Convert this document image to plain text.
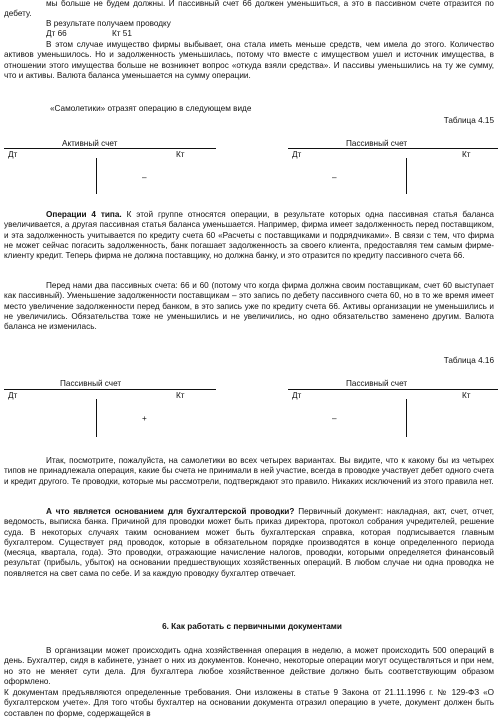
мы больше не будем должны. И пассивный счет 66 должен уменьшиться, а это в пассивном счете отразится по дебету.

В результате получаем проводку
Дт 66	Кт 51

В этом случае имущество фирмы выбывает, она стала иметь меньше средств, чем имела до этого. Количество активов уменьшилось. Но и задолженность уменьшилась, потому что вместе с имуществом ушел и источник имущества, в отношении этого имущества больше не возникнет вопрос «откуда взяли средства». И пассивы уменьшились на ту же сумму, что и активы. Валюта баланса уменьшается на сумму операции.

«Самолетики» отразят операцию в следующем виде
Таблица 4.15
Активный счет	Пассивный счет
Дт	Кт	Дт	Кт
–	–

Операции 4 типа. К этой группе относятся операции, в результате которых одна пассивная статья баланса увеличивается, а другая пассивная статья баланса уменьшается. Например, фирма имеет задолженность перед поставщиком, и эта задолженность учитывается по кредиту счета 60 «Расчеты с поставщиками и подрядчиками». В связи с тем, что фирма не может сейчас погасить задолженность, банк погашает задолженность за своего клиента, предоставляя тем самым фирме-клиенту кредит. Теперь фирма не должна поставщику, но должна банку, и это отразится по кредиту пассивного счета 66.

Перед нами два пассивных счета: 66 и 60 (потому что когда фирма должна своим поставщикам, счет 60 выступает как пассивный). Уменьшение задолженности поставщикам – это запись по дебету пассивного счета 60, но в то же время имеет место увеличение задолженности перед банком, в это запись уже по кредиту счета 66. Активы организации не уменьшились и не увеличились. Обязательства тоже не уменьшились и не увеличились, но одно обязательство заменено другим. Валюта баланса не изменилась.

Таблица 4.16
Пассивный счет	Пассивный счет
Дт	Кт	Дт	Кт
+	–

Итак, посмотрите, пожалуйста, на самолетики во всех четырех вариантах. Вы видите, что к какому бы из четырех типов не принадлежала операция, какие бы счета не принимали в ней участие, всегда в проводке участвует дебет одного счета и кредит другого. Те проводки, которые мы рассмотрели, подтверждают это правило. Никаких исключений из этого правила нет.

А что является основанием для бухгалтерской проводки? Первичный документ: накладная, акт, счет, отчет, ведомость, выписка банка. Причиной для проводки может быть приказ директора, протокол собрания учредителей, решение суда. В некоторых случаях таким основанием может быть бухгалтерская справка, которая подписывается главным бухгалтером. Существует ряд проводок, которые в обязательном порядке производятся в конце определенного периода (месяца, квартала, года). Это проводки, отражающие начисление налогов, проводки, которыми определяется финансовый результат (прибыль, убыток) на основании предшествующих хозяйственных операций. В любом случае ни одна проводка не появляется на свет сама по себе. И за каждую проводку бухгалтер отвечает.

6. Как работать с первичными документами

В организации может происходить одна хозяйственная операция в неделю, а может происходить 500 операций в день. Бухгалтер, сидя в кабинете, узнает о них из документов. Конечно, некоторые операции могут осуществляться и при нем, но это не меняет сути дела. Для бухгалтера любое хозяйственное действие должно быть соответствующим образом оформлено.

К документам предъявляются определенные требования. Они изложены в статье 9 Закона от 21.11.1996 г. № 129-ФЗ «О бухгалтерском учете». Для того чтобы бухгалтер на основании документа отразил операцию в учете, документ должен быть составлен по форме, содержащейся в
